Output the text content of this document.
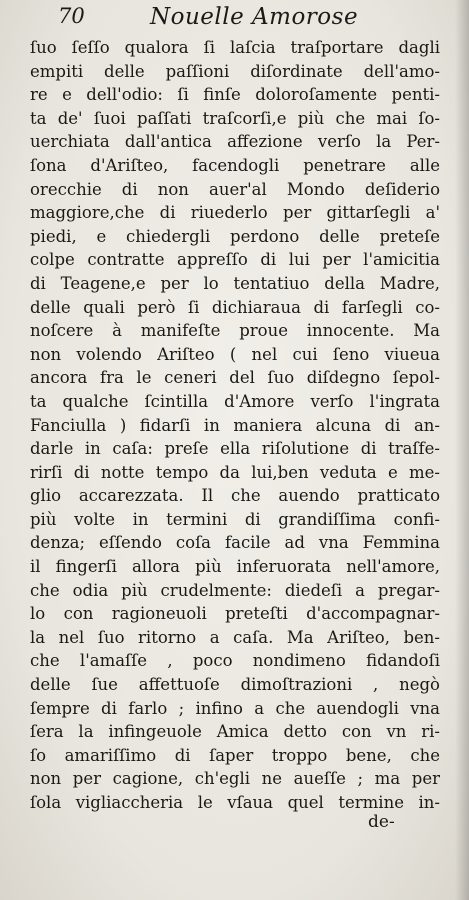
70	Nouelle Amorose
ſuo ſeſſo qualora ſi laſcia traſportare dagli
empiti delle paſſioni diſordinate dell'amo-
re e dell'odio: ſi finſe doloroſamente penti-
ta de' ſuoi paſſati traſcorſi,e più che mai ſo-
uerchiata dall'antica affezione verſo la Per-
ſona d'Ariſteo, facendogli penetrare alle
orecchie di non auer'al Mondo deſiderio
maggiore,che di riuederlo per gittarſegli a'
piedi, e chiedergli perdono delle preteſe
colpe contratte appreſſo di lui per l'amicitia
di Teagene,e per lo tentatiuo della Madre,
delle quali però ſi dichiaraua di farſegli co-
noſcere à manifeſte proue innocente. Ma
non volendo Ariſteo ( nel cui ſeno viueua
ancora fra le ceneri del ſuo diſdegno ſepol-
ta qualche ſcintilla d'Amore verſo l'ingrata
Fanciulla ) fidarſi in maniera alcuna di an-
darle in caſa: preſe ella riſolutione di traſfe-
rirſi di notte tempo da lui,ben veduta e me-
glio accarezzata. Il che auendo pratticato
più volte in termini di grandiſſima confi-
denza; eſſendo coſa facile ad vna Femmina
il fingerſi allora più inferuorata nell'amore,
che odia più crudelmente: diedeſi a pregar-
lo con ragioneuoli preteſti d'accompagnar-
la nel ſuo ritorno a caſa. Ma Ariſteo, ben-
che l'amaſſe , poco nondimeno fidandoſi
delle ſue affettuoſe dimoſtrazioni , negò
ſempre di farlo ; infino a che auendogli vna
ſera la infingeuole Amica detto con vn ri-
ſo amariſſimo di ſaper troppo bene, che
non per cagione, ch'egli ne aueſſe ; ma per
ſola vigliaccheria le vſaua quel termine in-
de-
